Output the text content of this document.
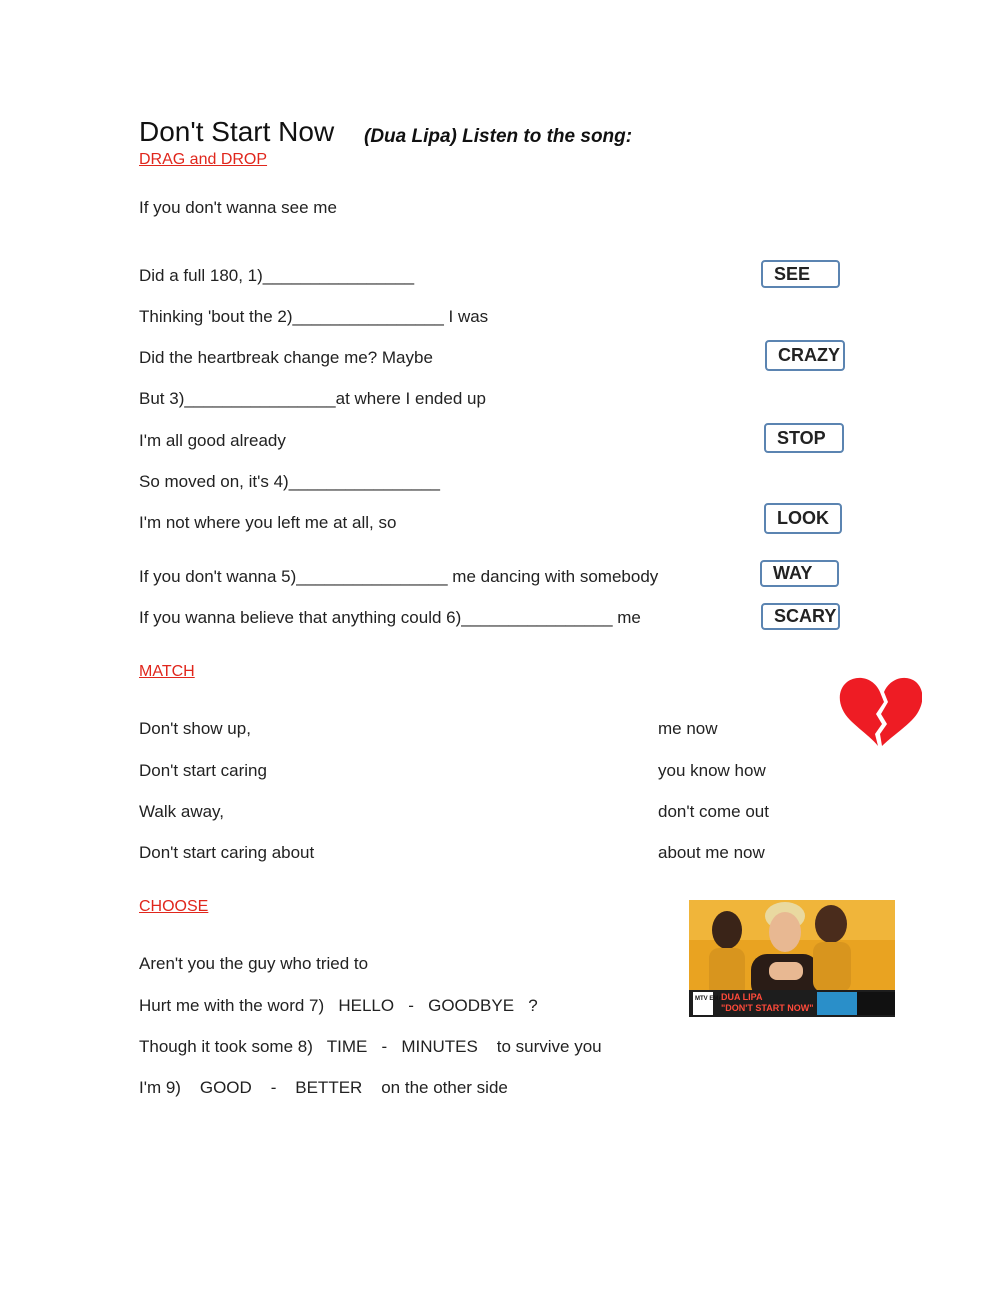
Don't Start Now (Dua Lipa) Listen to the song:
DRAG and DROP
If you don't wanna see me
Did a full 180, 1)________________
Thinking 'bout the 2)________________ I was
Did the heartbreak change me? Maybe
But 3)________________at where I ended up
I'm all good already
So moved on, it's 4)________________
I'm not where you left me at all, so
If you don't wanna 5)________________ me dancing with somebody
If you wanna believe that anything could 6)________________ me
SEE
CRAZY
STOP
LOOK
WAY
SCARY
MATCH
Don't show up,
Don't start caring
Walk away,
Don't start caring about
me now
you know how
don't come out
about me now
CHOOSE
MTV EMA
DUA LIPA
"DON'T START NOW"
Aren't you the guy who tried to
Hurt me with the word 7)   HELLO   -   GOODBYE   ?
Though it took some 8)   TIME   -   MINUTES    to survive you
I'm 9)    GOOD    -    BETTER    on the other side
